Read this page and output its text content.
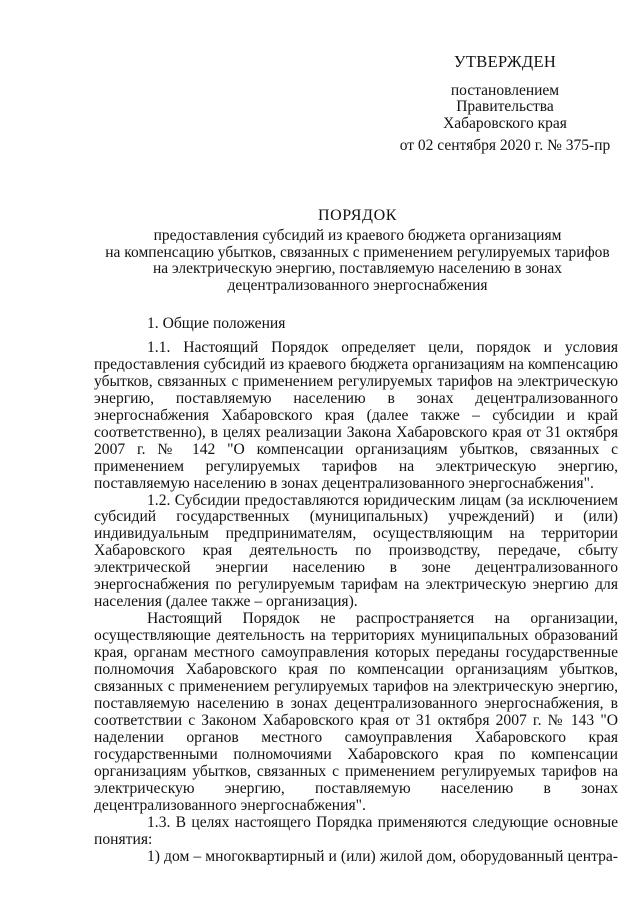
УТВЕРЖДЕН
постановлением
Правительства
Хабаровского края
от 02 сентября 2020 г. № 375-пр
ПОРЯДОК
предоставления субсидий из краевого бюджета организациям
на компенсацию убытков, связанных с применением регулируемых тарифов
на электрическую энергию, поставляемую населению в зонах
децентрализованного энергоснабжения

1. Общие положения

1.1. Настоящий Порядок определяет цели, порядок и условия предоставления субсидий из краевого бюджета организациям на компенсацию убытков, связанных с применением регулируемых тарифов на электрическую энергию, поставляемую населению в зонах децентрализованного энергоснабжения Хабаровского края (далее также – субсидии и край соответственно), в целях реализации Закона Хабаровского края от 31 октября 2007 г. № 142 "О компенсации организациям убытков, связанных с применением регулируемых тарифов на электрическую энергию, поставляемую населению в зонах децентрализованного энергоснабжения".

1.2. Субсидии предоставляются юридическим лицам (за исключением субсидий государственных (муниципальных) учреждений) и (или) индивидуальным предпринимателям, осуществляющим на территории Хабаровского края деятельность по производству, передаче, сбыту электрической энергии населению в зоне децентрализованного энергоснабжения по регулируемым тарифам на электрическую энергию для населения (далее также – организация).

Настоящий Порядок не распространяется на организации, осуществляющие деятельность на территориях муниципальных образований края, органам местного самоуправления которых переданы государственные полномочия Хабаровского края по компенсации организациям убытков, связанных с применением регулируемых тарифов на электрическую энергию, поставляемую населению в зонах децентрализованного энергоснабжения, в соответствии с Законом Хабаровского края от 31 октября 2007 г. № 143 "О наделении органов местного самоуправления Хабаровского края государственными полномочиями Хабаровского края по компенсации организациям убытков, связанных с применением регулируемых тарифов на электрическую энергию, поставляемую населению в зонах децентрализованного энергоснабжения".

1.3. В целях настоящего Порядка применяются следующие основные понятия:

1) дом – многоквартирный и (или) жилой дом, оборудованный центра-
